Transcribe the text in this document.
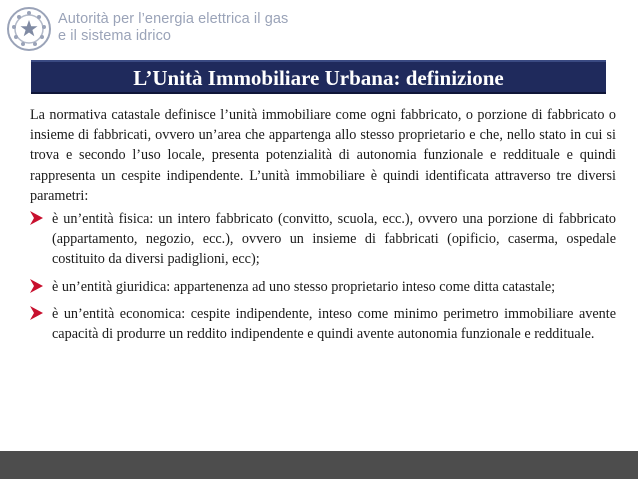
Autorità per l’energia elettrica il gas
e il sistema idrico
L’Unità Immobiliare Urbana: definizione

La normativa catastale definisce l’unità immobiliare come ogni fabbricato, o porzione di fabbricato o insieme di fabbricati, ovvero un’area che appartenga allo stesso proprietario e che, nello stato in cui si trova e secondo l’uso locale, presenta potenzialità di autonomia funzionale e reddituale e quindi rappresenta un cespite indipendente. L’unità immobiliare è quindi identificata attraverso tre diversi parametri:

è un’entità fisica: un intero fabbricato (convitto, scuola, ecc.), ovvero una porzione di fabbricato (appartamento, negozio, ecc.), ovvero un insieme di fabbricati (opificio, caserma, ospedale costituito da diversi padiglioni, ecc);
è un’entità giuridica: appartenenza ad uno stesso proprietario inteso come ditta catastale;
è un’entità economica: cespite indipendente, inteso come minimo perimetro immobiliare avente capacità di produrre un reddito indipendente e quindi avente autonomia funzionale e reddituale.
